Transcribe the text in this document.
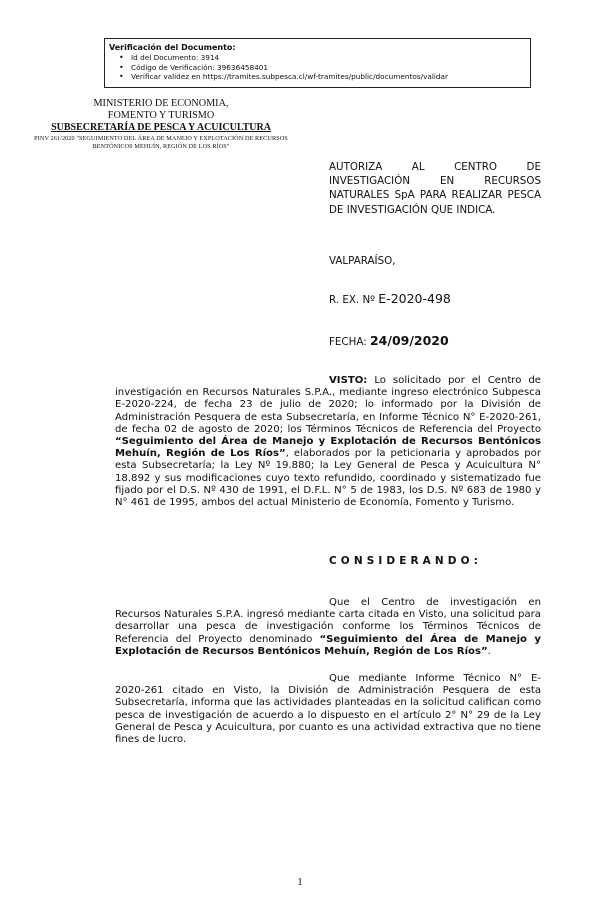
Verificación del Documento:
• Id del Documento: 3914
• Código de Verificación: 39636458401
• Verificar validez en https://tramites.subpesca.cl/wf-tramites/public/documentos/validar
MINISTERIO DE ECONOMIA,
FOMENTO Y TURISMO
SUBSECRETARÍA DE PESCA Y ACUICULTURA
PINV 261/2020 "SEGUIMIENTO DEL ÁREA DE MANEJO Y EXPLOTACIÓN DE RECURSOS BENTÓNICOS MEHUÍN, REGIÓN DE LOS RÍOS"
AUTORIZA AL CENTRO DE INVESTIGACIÓN EN RECURSOS NATURALES SpA PARA REALIZAR PESCA DE INVESTIGACIÓN QUE INDICA.
VALPARAÍSO,
R. EX. Nº E-2020-498
FECHA: 24/09/2020
VISTO: Lo solicitado por el Centro de investigación en Recursos Naturales S.P.A., mediante ingreso electrónico Subpesca E-2020-224, de fecha 23 de julio de 2020; lo informado por la División de Administración Pesquera de esta Subsecretaría, en Informe Técnico N° E-2020-261, de fecha 02 de agosto de 2020; los Términos Técnicos de Referencia del Proyecto “Seguimiento del Área de Manejo y Explotación de Recursos Bentónicos Mehuín, Región de Los Ríos”, elaborados por la peticionaria y aprobados por esta Subsecretaría; la Ley Nº 19.880; la Ley General de Pesca y Acuicultura N° 18.892 y sus modificaciones cuyo texto refundido, coordinado y sistematizado fue fijado por el D.S. Nº 430 de 1991, el D.F.L. N° 5 de 1983, los D.S. Nº 683 de 1980 y N° 461 de 1995, ambos del actual Ministerio de Economía, Fomento y Turismo.
CONSIDERANDO:
Que el Centro de investigación en Recursos Naturales S.P.A. ingresó mediante carta citada en Visto, una solicitud para desarrollar una pesca de investigación conforme los Términos Técnicos de Referencia del Proyecto denominado “Seguimiento del Área de Manejo y Explotación de Recursos Bentónicos Mehuín, Región de Los Ríos”.
Que mediante Informe Técnico N° E-2020-261 citado en Visto, la División de Administración Pesquera de esta Subsecretaría, informa que las actividades planteadas en la solicitud califican como pesca de investigación de acuerdo a lo dispuesto en el artículo 2° N° 29 de la Ley General de Pesca y Acuicultura, por cuanto es una actividad extractiva que no tiene fines de lucro.
1
